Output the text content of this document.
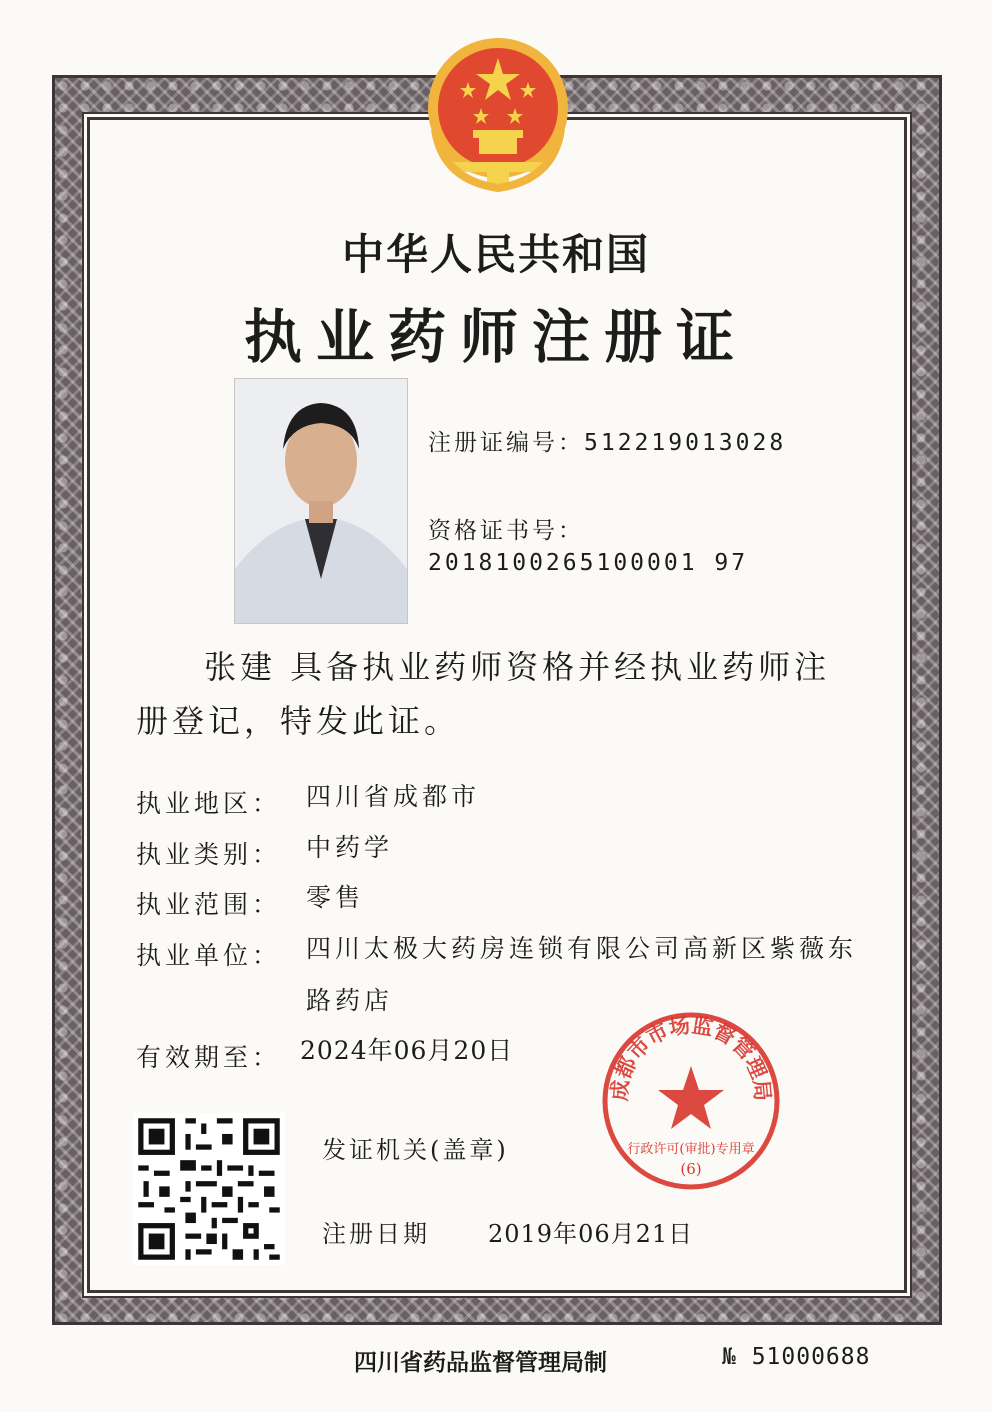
中华人民共和国
执业药师注册证
注册证编号：512219013028
资格证书号：
2018100265100001 97
张建 具备执业药师资格并经执业药师注
册登记，特发此证。
执业地区： 四川省成都市
执业类别： 中药学
执业范围： 零售
执业单位： 四川太极大药房连锁有限公司高新区紫薇东
路药店
有效期至： 2024年06月20日
发证机关(盖章)
注册日期 2019年06月21日
成都市市场监督管理局
行政许可(审批)专用章
(6)
四川省药品监督管理局制	№ 51000688
